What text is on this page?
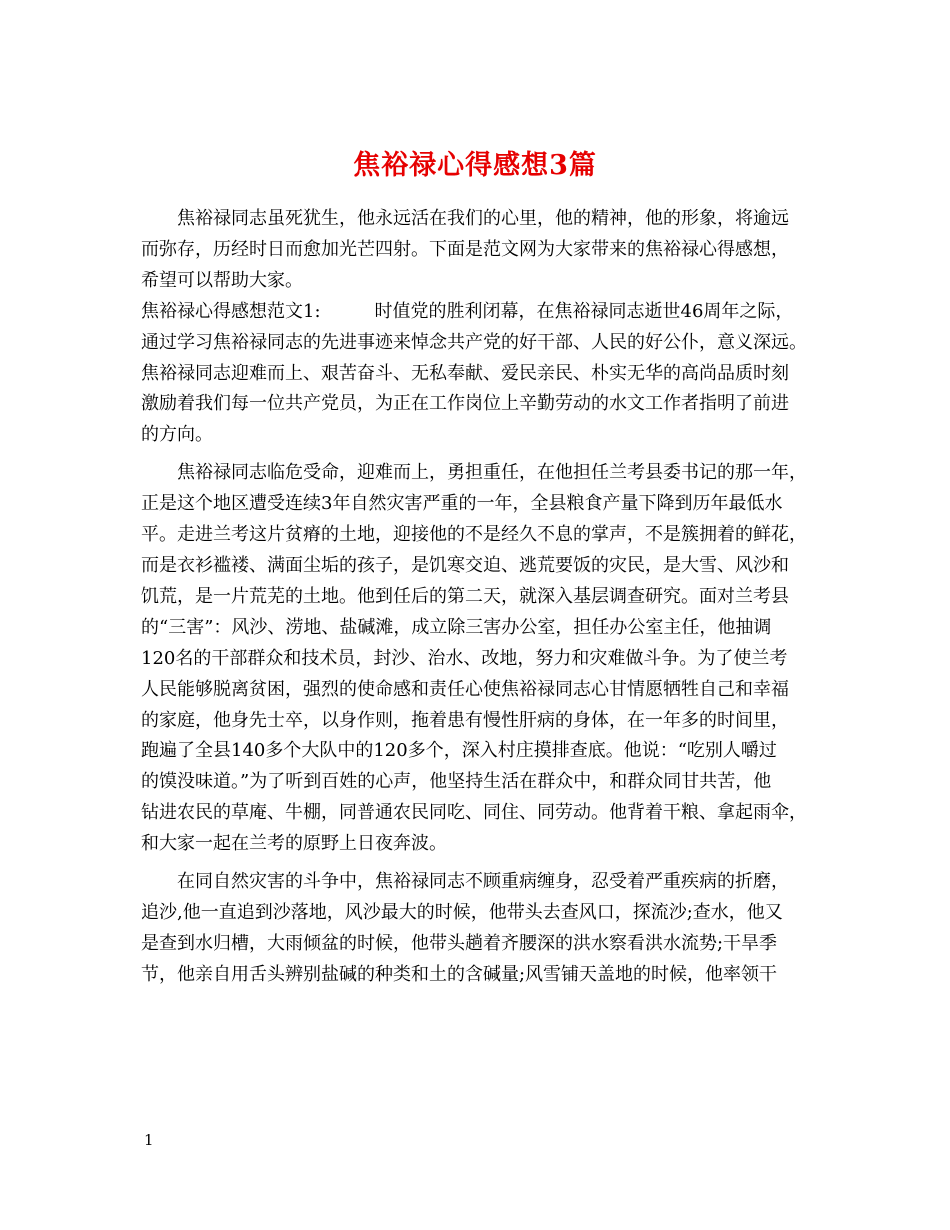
焦裕禄心得感想3篇

　　焦裕禄同志虽死犹生，他永远活在我们的心里，他的精神，他的形象，将逾远

而弥存，历经时日而愈加光芒四射。下面是范文网为大家带来的焦裕禄心得感想，

希望可以帮助大家。

焦裕禄心得感想范文1:　　　时值党的胜利闭幕，在焦裕禄同志逝世46周年之际，

通过学习焦裕禄同志的先进事迹来悼念共产党的好干部、人民的好公仆，意义深远。

焦裕禄同志迎难而上、艰苦奋斗、无私奉献、爱民亲民、朴实无华的高尚品质时刻

激励着我们每一位共产党员，为正在工作岗位上辛勤劳动的水文工作者指明了前进

的方向。

　　焦裕禄同志临危受命，迎难而上，勇担重任，在他担任兰考县委书记的那一年，

正是这个地区遭受连续3年自然灾害严重的一年，全县粮食产量下降到历年最低水

平。走进兰考这片贫瘠的土地，迎接他的不是经久不息的掌声，不是簇拥着的鲜花，

而是衣衫褴褛、满面尘垢的孩子，是饥寒交迫、逃荒要饭的灾民，是大雪、风沙和

饥荒，是一片荒芜的土地。他到任后的第二天，就深入基层调查研究。面对兰考县

的“三害”：风沙、涝地、盐碱滩，成立除三害办公室，担任办公室主任，他抽调

120名的干部群众和技术员，封沙、治水、改地，努力和灾难做斗争。为了使兰考

人民能够脱离贫困，强烈的使命感和责任心使焦裕禄同志心甘情愿牺牲自己和幸福

的家庭，他身先士卒，以身作则，拖着患有慢性肝病的身体，在一年多的时间里，

跑遍了全县140多个大队中的120多个，深入村庄摸排查底。他说：“吃别人嚼过

的馍没味道。”为了听到百姓的心声，他坚持生活在群众中，和群众同甘共苦，他

钻进农民的草庵、牛棚，同普通农民同吃、同住、同劳动。他背着干粮、拿起雨伞，

和大家一起在兰考的原野上日夜奔波。

　　在同自然灾害的斗争中，焦裕禄同志不顾重病缠身，忍受着严重疾病的折磨，

追沙,他一直追到沙落地，风沙最大的时候，他带头去查风口，探流沙;查水，他又

是查到水归槽，大雨倾盆的时候，他带头趟着齐腰深的洪水察看洪水流势;干旱季

节，他亲自用舌头辨别盐碱的种类和土的含碱量;风雪铺天盖地的时候，他率领干

1
